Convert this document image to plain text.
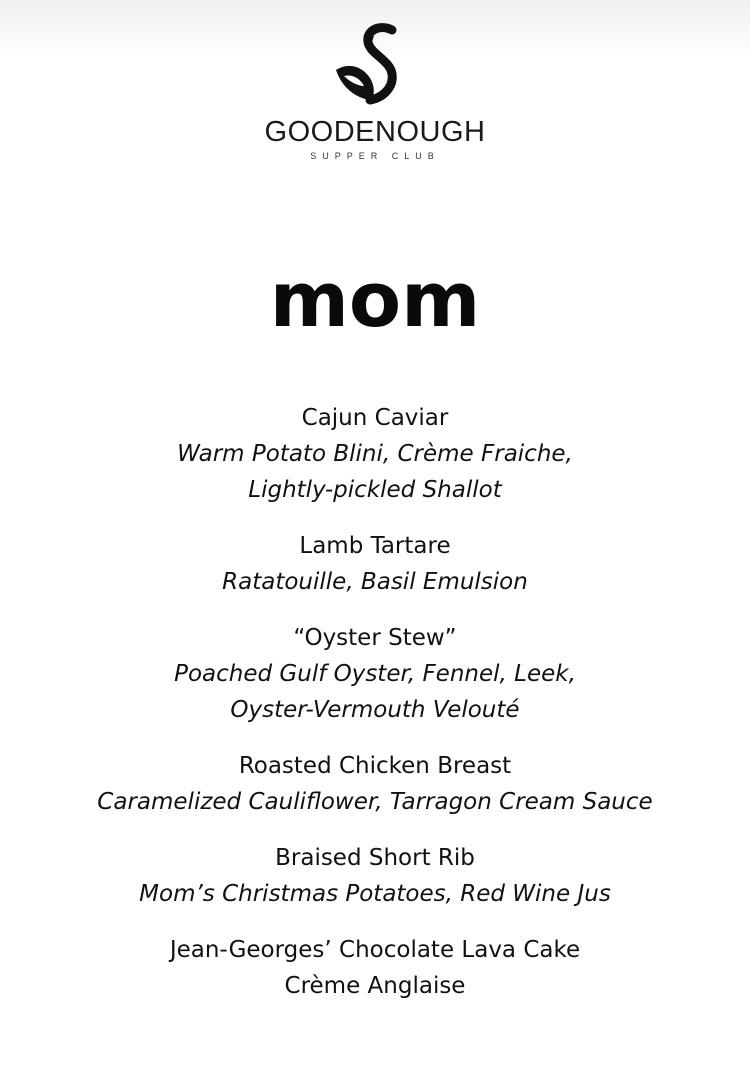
GOODENOUGH
SUPPER CLUB
mom
Cajun Caviar
Warm Potato Blini, Crème Fraiche,
Lightly-pickled Shallot
Lamb Tartare
Ratatouille, Basil Emulsion
“Oyster Stew”
Poached Gulf Oyster, Fennel, Leek,
Oyster-Vermouth Velouté
Roasted Chicken Breast
Caramelized Cauliflower, Tarragon Cream Sauce
Braised Short Rib
Mom’s Christmas Potatoes, Red Wine Jus
Jean-Georges’ Chocolate Lava Cake
Crème Anglaise
